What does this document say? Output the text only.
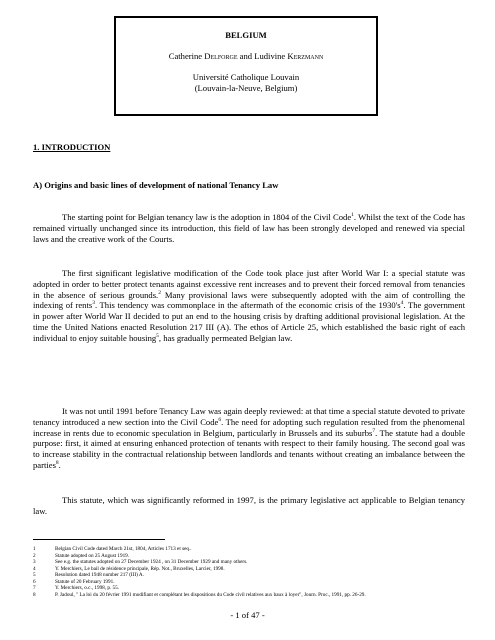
BELGIUM
Catherine Delforge and Ludivine Kerzmann
Université Catholique Louvain
(Louvain-la-Neuve, Belgium)
1. INTRODUCTION
A) Origins and basic lines of development of national Tenancy Law

The starting point for Belgian tenancy law is the adoption in 1804 of the Civil Code$^1$. Whilst the text of the Code has remained virtually unchanged since its introduction, this field of law has been strongly developed and renewed via special laws and the creative work of the Courts.

The first significant legislative modification of the Code took place just after World War I: a special statute was adopted in order to better protect tenants against excessive rent increases and to prevent their forced removal from tenancies in the absence of serious grounds.$^2$ Many provisional laws were subsequently adopted with the aim of controlling the indexing of rents$^3$. This tendency was commonplace in the aftermath of the economic crisis of the $1930's^4$. The government in power after World War II decided to put an end to the housing crisis by drafting additional provisional legislation. At the time the United Nations enacted Resolution 217 III (A). The ethos of Article 25, which established the basic right of each individual to enjoy suitable housing$^5$, has gradually permeated Belgian law.

It was not until 1991 before Tenancy Law was again deeply reviewed: at that time a special statute devoted to private tenancy introduced a new section into the Civil Code$^6$. The need for adopting such regulation resulted from the phenomenal increase in rents due to economic speculation in Belgium, particularly in Brussels and its suburbs$^7$. The statute had a double purpose: first, it aimed at ensuring enhanced protection of tenants with respect to their family housing. The second goal was to increase stability in the contractual relationship between landlords and tenants without creating an imbalance between the parties$^8$.

This statute, which was significantly reformed in 1997, is the primary legislative act applicable to Belgian tenancy law.

1	Belgian Civil Code dated March 21st, 1804, Articles 1713 et seq..
2	Statute adopted on 25 August 1919.
3	See e.g. the statutes adopted on 27 December 1924 , on 31 December 1929 and many others.
4	Y. Merchiers, Le bail de résidence principale, Rép. Not., Bruxelles, Larcier, 1998.
5	Resolution dated 1948 number 217 (III) A.
6	Statute of 20 February 1991.
7	Y. Merchiers, o.c., 1998, p. 55.
8	P. Jadoul, " La loi du 20 février 1991 modifiant et complétant les dispositions du Code civil relatives aux baux à loyer", Journ. Proc., 1991, pp. 26-29.
- 1 of 47 -
